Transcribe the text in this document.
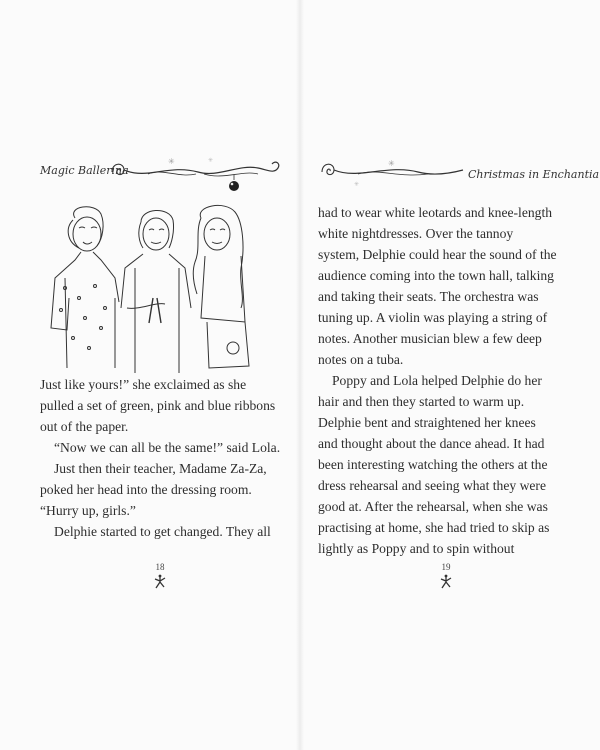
Magic Ballerina
✳	✳
Just like yours!” she exclaimed as she
pulled a set of green, pink and blue ribbons
out of the paper.
“Now we can all be the same!” said Lola.
Just then their teacher, Madame Za-Za,
poked her head into the dressing room.
“Hurry up, girls.”
Delphie started to get changed. They all
18
✳
✳
Christmas in Enchantia
had to wear white leotards and knee-length
white nightdresses. Over the tannoy
system, Delphie could hear the sound of the
audience coming into the town hall, talking
and taking their seats. The orchestra was
tuning up. A violin was playing a string of
notes. Another musician blew a few deep
notes on a tuba.
Poppy and Lola helped Delphie do her
hair and then they started to warm up.
Delphie bent and straightened her knees
and thought about the dance ahead. It had
been interesting watching the others at the
dress rehearsal and seeing what they were
good at. After the rehearsal, when she was
practising at home, she had tried to skip as
lightly as Poppy and to spin without
19
